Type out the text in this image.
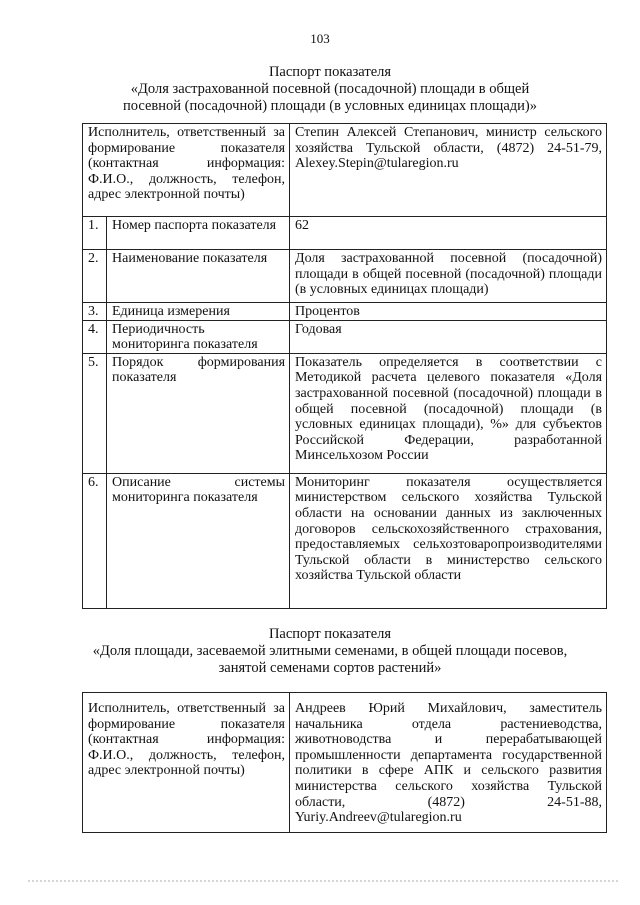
103
Паспорт показателя
«Доля застрахованной посевной (посадочной) площади в общей
посевной (посадочной) площади (в условных единицах площади)»
Исполнитель, ответственный за формирование показателя (контактная информация: Ф.И.О., должность, телефон, адрес электронной почты)		Степин Алексей Степанович, министр сельского хозяйства Тульской области, (4872) 24-51-79, Alexey.Stepin@tularegion.ru
1.	Номер паспорта показателя	62
2.	Наименование показателя	Доля застрахованной посевной (посадочной) площади в общей посевной (посадочной) площади (в условных единицах площади)
3.	Единица измерения	Процентов
4.	Периодичность мониторинга показателя	Годовая
5.	Порядок формирования показателя	Показатель определяется в соответствии с Методикой расчета целевого показателя «Доля застрахованной посевной (посадочной) площади в общей посевной (посадочной) площади (в условных единицах площади), %» для субъектов Российской Федерации, разработанной Минсельхозом России
6.	Описание системы мониторинга показателя	Мониторинг показателя осуществляется министерством сельского хозяйства Тульской области на основании данных из заключенных договоров сельскохозяйственного страхования, предоставляемых сельхозтоваропроизводителями Тульской области в министерство сельского хозяйства Тульской области
Паспорт показателя
«Доля площади, засеваемой элитными семенами, в общей площади посевов,
занятой семенами сортов растений»
Исполнитель, ответственный за формирование показателя (контактная информация: Ф.И.О., должность, телефон, адрес электронной почты)	Андреев Юрий Михайлович, заместитель начальника отдела растениеводства, животноводства и перерабатывающей промышленности департамента государственной политики в сфере АПК и сельского развития министерства сельского хозяйства Тульской области, (4872) 24-51-88, Yuriy.Andreev@tularegion.ru
